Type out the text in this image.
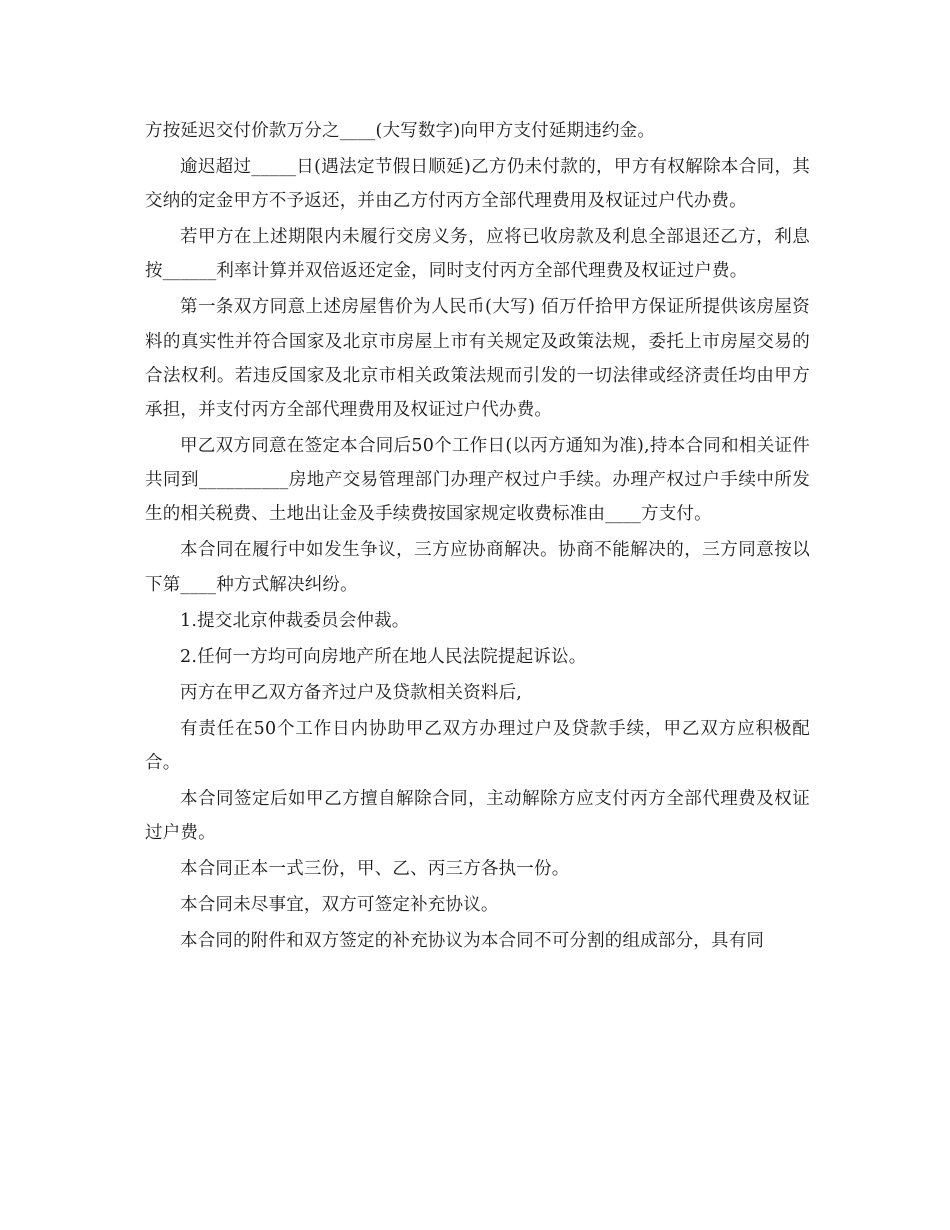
方按延迟交付价款万分之____(大写数字)向甲方支付延期违约金。

逾迟超过_____日(遇法定节假日顺延)乙方仍未付款的，甲方有权解除本合同，其交纳的定金甲方不予返还，并由乙方付丙方全部代理费用及权证过户代办费。

若甲方在上述期限内未履行交房义务，应将已收房款及利息全部退还乙方，利息按______利率计算并双倍返还定金，同时支付丙方全部代理费及权证过户费。

第一条双方同意上述房屋售价为人民币(大写) 佰万仟拾甲方保证所提供该房屋资料的真实性并符合国家及北京市房屋上市有关规定及政策法规，委托上市房屋交易的合法权利。若违反国家及北京市相关政策法规而引发的一切法律或经济责任均由甲方承担，并支付丙方全部代理费用及权证过户代办费。

甲乙双方同意在签定本合同后50个工作日(以丙方通知为准),持本合同和相关证件共同到__________房地产交易管理部门办理产权过户手续。办理产权过户手续中所发生的相关税费、土地出让金及手续费按国家规定收费标准由____方支付。

本合同在履行中如发生争议，三方应协商解决。协商不能解决的，三方同意按以下第____种方式解决纠纷。

1.提交北京仲裁委员会仲裁。

2.任何一方均可向房地产所在地人民法院提起诉讼。

丙方在甲乙双方备齐过户及贷款相关资料后,

有责任在50个工作日内协助甲乙双方办理过户及贷款手续，甲乙双方应积极配合。

本合同签定后如甲乙方擅自解除合同，主动解除方应支付丙方全部代理费及权证过户费。

本合同正本一式三份，甲、乙、丙三方各执一份。

本合同未尽事宜，双方可签定补充协议。

本合同的附件和双方签定的补充协议为本合同不可分割的组成部分，具有同
